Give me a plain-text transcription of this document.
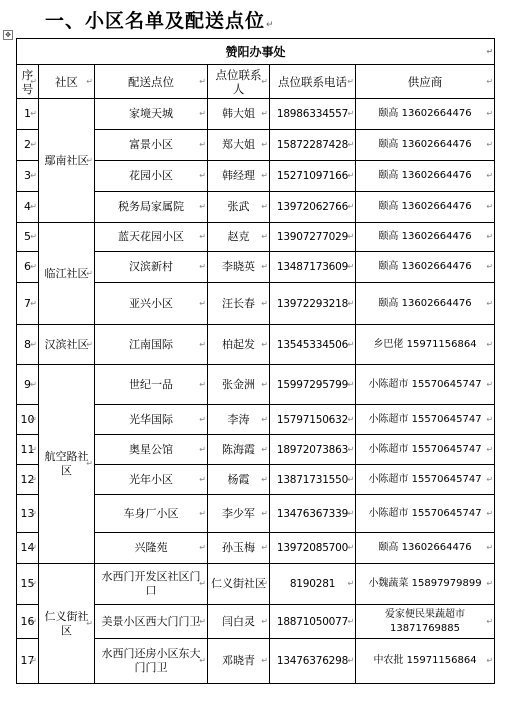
一、小区名单及配送点位↵
✥
赞阳办事处 ↵
序号 ↵	社区 ↵	配送点位 ↵	点位联系人 ↵	点位联系电话 ↵	供应商 ↵
1 ↵	鄢南社区 ↵	家境天城 ↵	韩大姐 ↵	18986334557 ↵	颐高 13602664476 ↵
2 ↵		富景小区 ↵	郑大姐 ↵	15872287428 ↵	颐高 13602664476 ↵
3 ↵		花园小区 ↵	韩经理 ↵	15271097166 ↵	颐高 13602664476 ↵
4 ↵		税务局家属院 ↵	张武 ↵	13972062766 ↵	颐高 13602664476 ↵
5 ↵	临江社区 ↵	蓝天花园小区 ↵	赵克 ↵	13907277029 ↵	颐高 13602664476 ↵
6 ↵		汉滨新村 ↵	李晓英 ↵	13487173609 ↵	颐高 13602664476 ↵
7 ↵		亚兴小区 ↵	汪长春 ↵	13972293218 ↵	颐高 13602664476 ↵
8 ↵	汉滨社区 ↵	江南国际 ↵	柏起发 ↵	13545334506 ↵	乡巴佬 15971156864 ↵
9 ↵	航空路社区 ↵	世纪一品 ↵	张金洲 ↵	15997295799 ↵	小陈超市 15570645747 ↵
10 ↵		光华国际 ↵	李涛 ↵	15797150632 ↵	小陈超市 15570645747 ↵
11 ↵		奥星公馆 ↵	陈海霞 ↵	18972073863 ↵	小陈超市 15570645747 ↵
12 ↵		光年小区 ↵	杨霞 ↵	13871731550 ↵	小陈超市 15570645747 ↵
13 ↵		车身厂小区 ↵	李少军 ↵	13476367339 ↵	小陈超市 15570645747 ↵
14 ↵		兴隆苑 ↵	孙玉梅 ↵	13972085700 ↵	颐高 13602664476 ↵
15 ↵	仁义街社区 ↵	水西门开发区社区门口 ↵	仁义街社区 ↵	8190281 ↵	小魏蔬菜 15897979899 ↵
16 ↵		美景小区西大门门卫 ↵	闫白灵 ↵	18871050077 ↵	爱家便民果蔬超市 13871769885 ↵
17 ↵		水西门还房小区东大门门卫 ↵	邓晓青 ↵	13476376298 ↵	中农批 15971156864 ↵
